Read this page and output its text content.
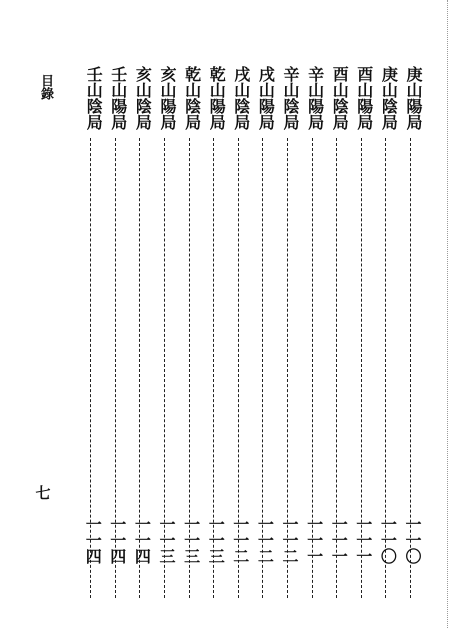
目錄
七
庚山陽局
一一〇
庚山陰局
一一〇
酉山陽局
一一一
酉山陰局
一一一
辛山陽局
一一一
辛山陰局
一一二
戌山陽局
一一二
戌山陰局
一一二
乾山陽局
一一三
乾山陰局
一一三
亥山陽局
一一三
亥山陰局
一一四
壬山陽局
一一四
壬山陰局
一一四
